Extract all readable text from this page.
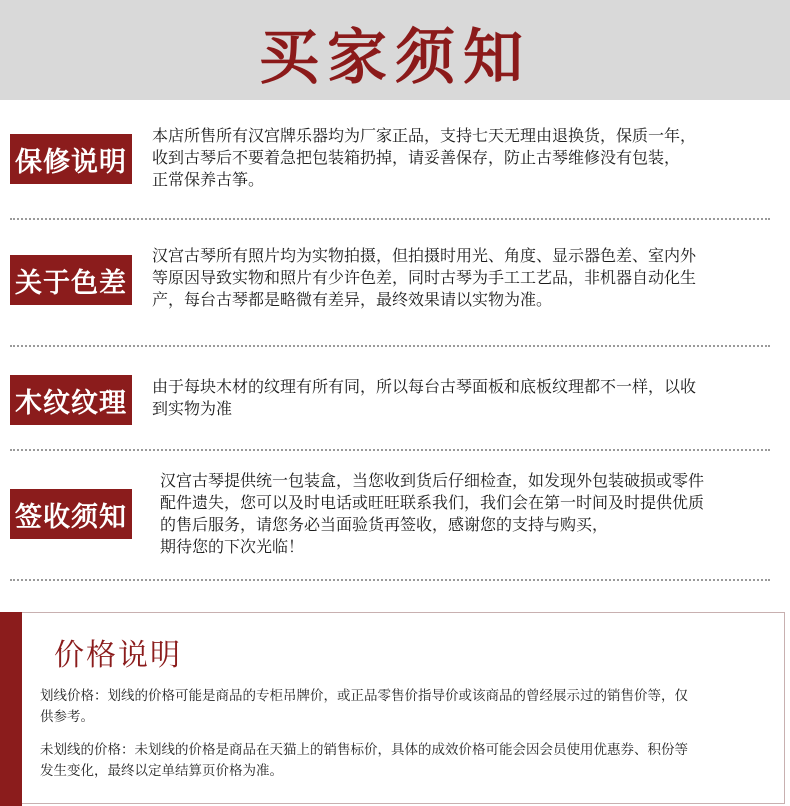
买家须知
保修说明
本店所售所有汉宫牌乐器均为厂家正品，支持七天无理由退换货，保质一年，
收到古琴后不要着急把包装箱扔掉，请妥善保存，防止古琴维修没有包装，
正常保养古筝。
关于色差
汉宫古琴所有照片均为实物拍摄，但拍摄时用光、角度、显示器色差、室内外
等原因导致实物和照片有少许色差，同时古琴为手工工艺品，非机器自动化生
产，每台古琴都是略微有差异，最终效果请以实物为准。
木纹纹理
由于每块木材的纹理有所有同，所以每台古琴面板和底板纹理都不一样，以收
到实物为准
签收须知
汉宫古琴提供统一包装盒，当您收到货后仔细检查，如发现外包装破损或零件
配件遗失，您可以及时电话或旺旺联系我们，我们会在第一时间及时提供优质
的售后服务，请您务必当面验货再签收，感谢您的支持与购买，
期待您的下次光临！
价格说明
划线价格：划线的价格可能是商品的专柜吊牌价，或正品零售价指导价或该商品的曾经展示过的销售价等，仅
供参考。
未划线的价格：未划线的价格是商品在天猫上的销售标价，具体的成效价格可能会因会员使用优惠券、积份等
发生变化，最终以定单结算页价格为准。
